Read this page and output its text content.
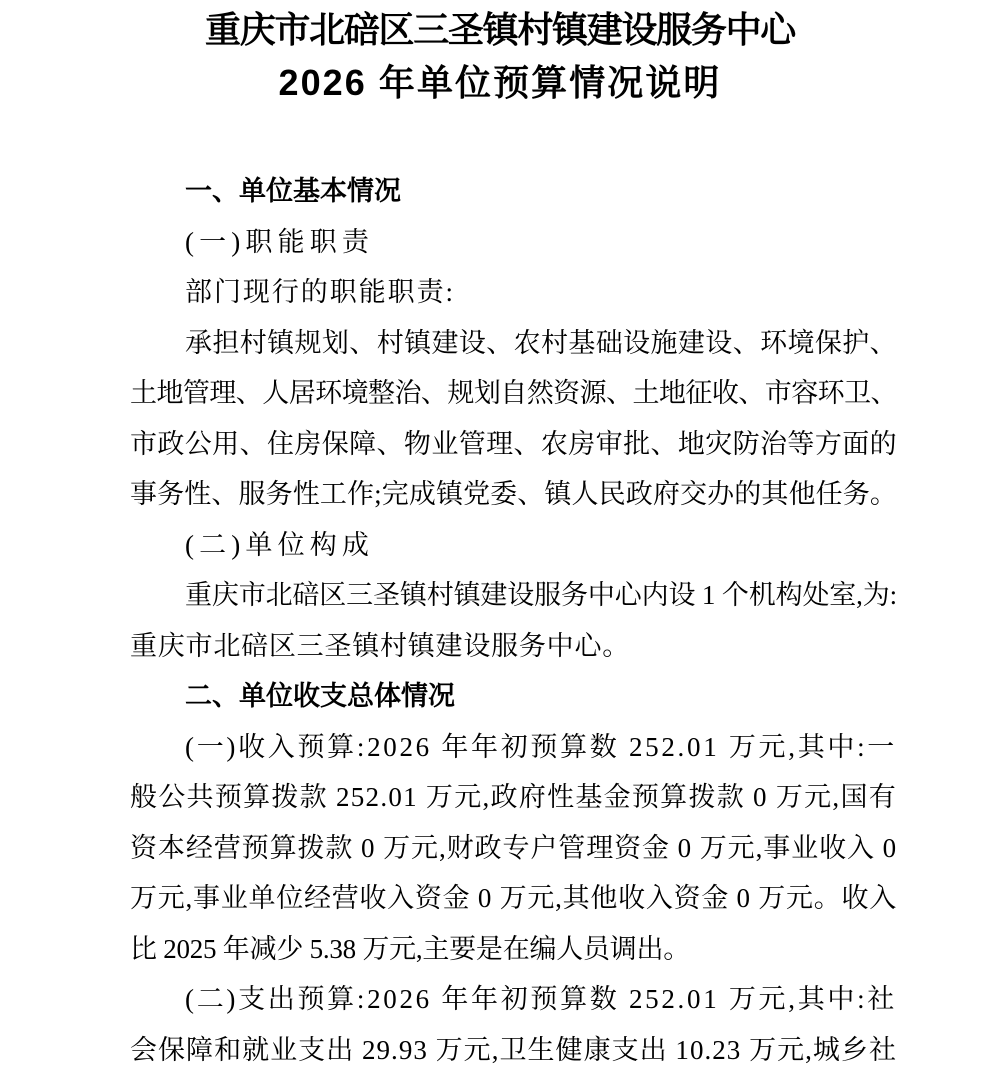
重庆市北碚区三圣镇村镇建设服务中心
2026 年单位预算情况说明
一、单位基本情况
(一)职能职责
部门现行的职能职责:
承担村镇规划、村镇建设、农村基础设施建设、环境保护、
土地管理、人居环境整治、规划自然资源、土地征收、市容环卫、
市政公用、住房保障、物业管理、农房审批、地灾防治等方面的
事务性、服务性工作;完成镇党委、镇人民政府交办的其他任务。
(二)单位构成
重庆市北碚区三圣镇村镇建设服务中心内设 1 个机构处室,为:
重庆市北碚区三圣镇村镇建设服务中心。
二、单位收支总体情况
(一)收入预算:2026 年年初预算数 252.01 万元,其中:一
般公共预算拨款 252.01 万元,政府性基金预算拨款 0 万元,国有
资本经营预算拨款 0 万元,财政专户管理资金 0 万元,事业收入 0
万元,事业单位经营收入资金 0 万元,其他收入资金 0 万元。收入
比 2025 年减少 5.38 万元,主要是在编人员调出。
(二)支出预算:2026 年年初预算数 252.01 万元,其中:社
会保障和就业支出 29.93 万元,卫生健康支出 10.23 万元,城乡社
